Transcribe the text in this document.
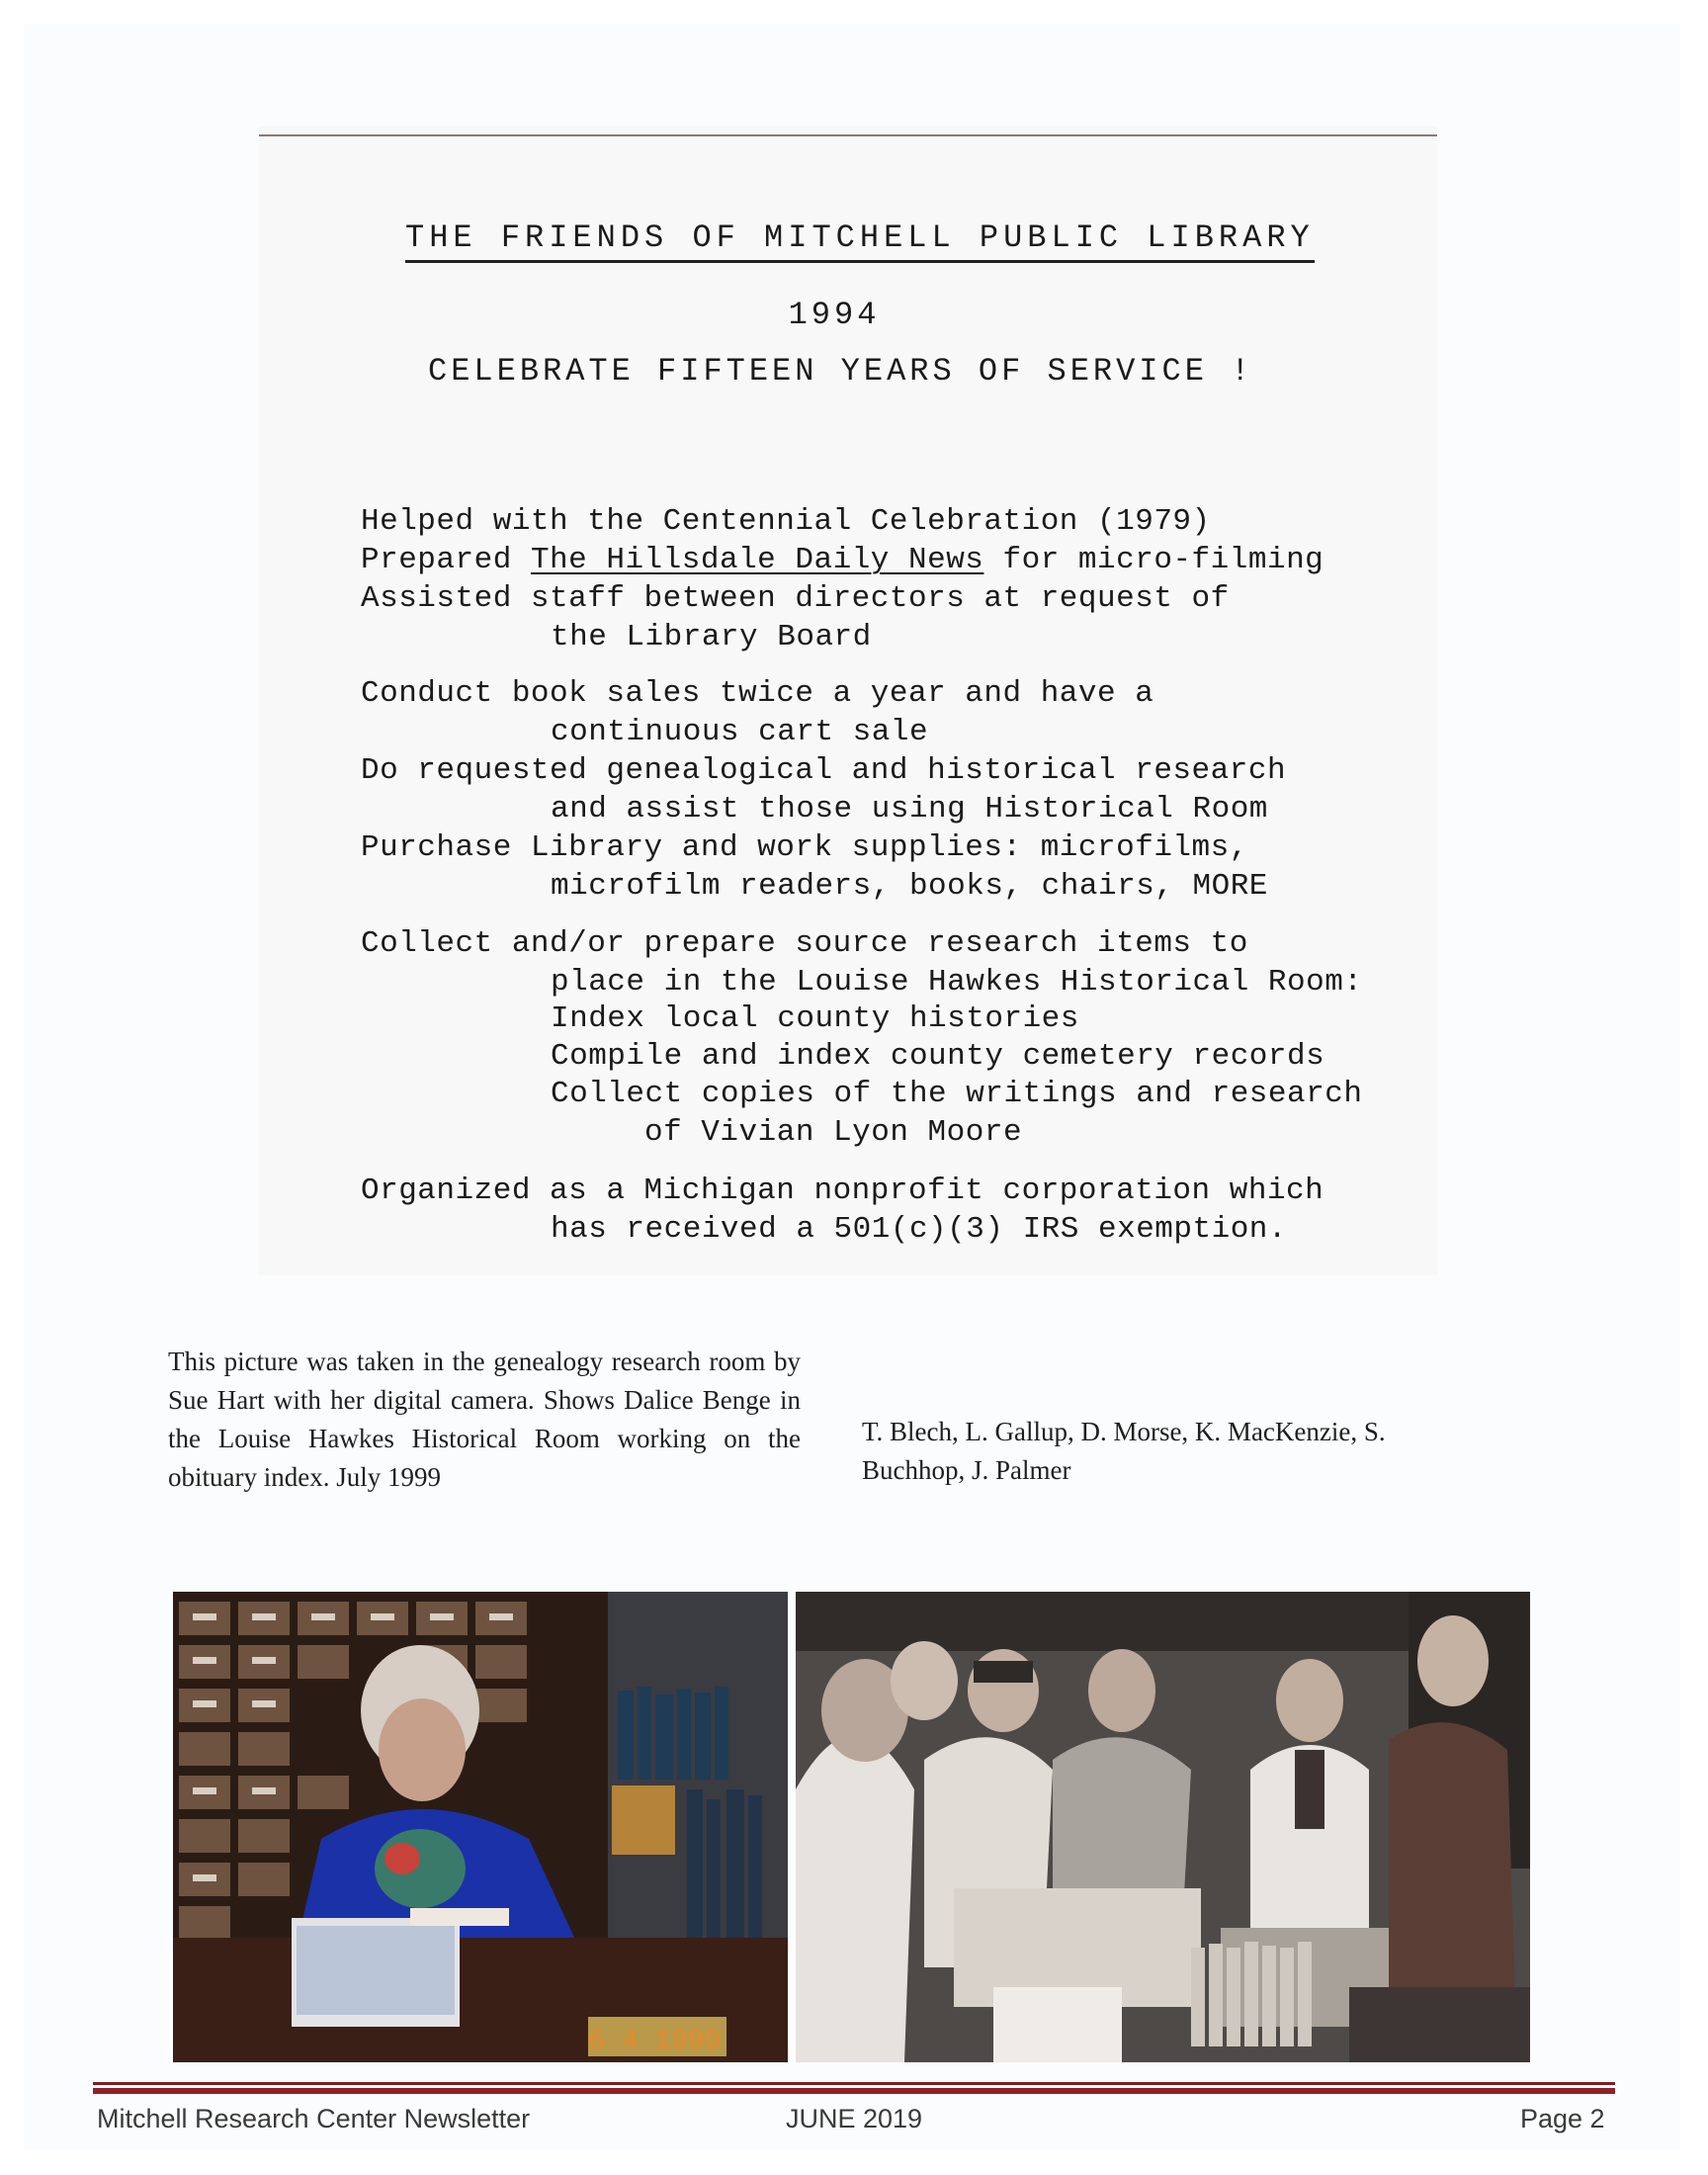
THE FRIENDS OF MITCHELL PUBLIC LIBRARY
1994
CELEBRATE FIFTEEN YEARS OF SERVICE !
Helped with the Centennial Celebration (1979)
Prepared The Hillsdale Daily News for micro-filming
Assisted staff between directors at request of
the Library Board
Conduct book sales twice a year and have a
continuous cart sale
Do requested genealogical and historical research
and assist those using Historical Room
Purchase Library and work supplies: microfilms,
microfilm readers, books, chairs, MORE
Collect and/or prepare source research items to
place in the Louise Hawkes Historical Room:
Index local county histories
Compile and index county cemetery records
Collect copies of the writings and research
of Vivian Lyon Moore
Organized as a Michigan nonprofit corporation which
has received a 501(c)(3) IRS exemption.
This picture was taken in the genealogy research room by Sue Hart with her digital camera. Shows Dalice Benge in the Louise Hawkes Historical Room working on the obituary index. July 1999
T. Blech, L. Gallup, D. Morse, K. MacKenzie, S. Buchhop, J. Palmer
6 4 1999
Mitchell Research Center Newsletter	JUNE 2019	Page 2
